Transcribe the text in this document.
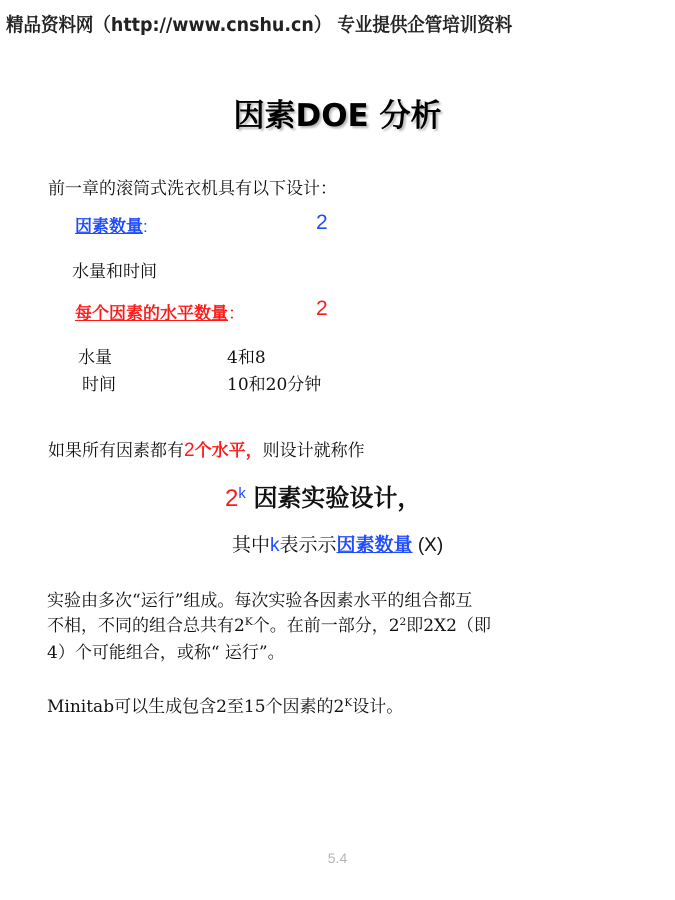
精品资料网（http://www.cnshu.cn） 专业提供企管培训资料
因素DOE 分析
前一章的滚筒式洗衣机具有以下设计：
因素数量:	2
水量和时间
每个因素的水平数量：	2
水量	4和8
时间	10和20分钟
如果所有因素都有2个水平，则设计就称作
2$^k$ 因素实验设计，
其中k表示示因素数量 (X)
实验由多次“运行”组成。每次实验各因素水平的组合都互
不相，不同的组合总共有$2^K$个。在前一部分，$2^2$即2X2（即
4）个可能组合，或称“ 运行”。
Minitab可以生成包含2至15个因素的$2^K$设计。
5.4
